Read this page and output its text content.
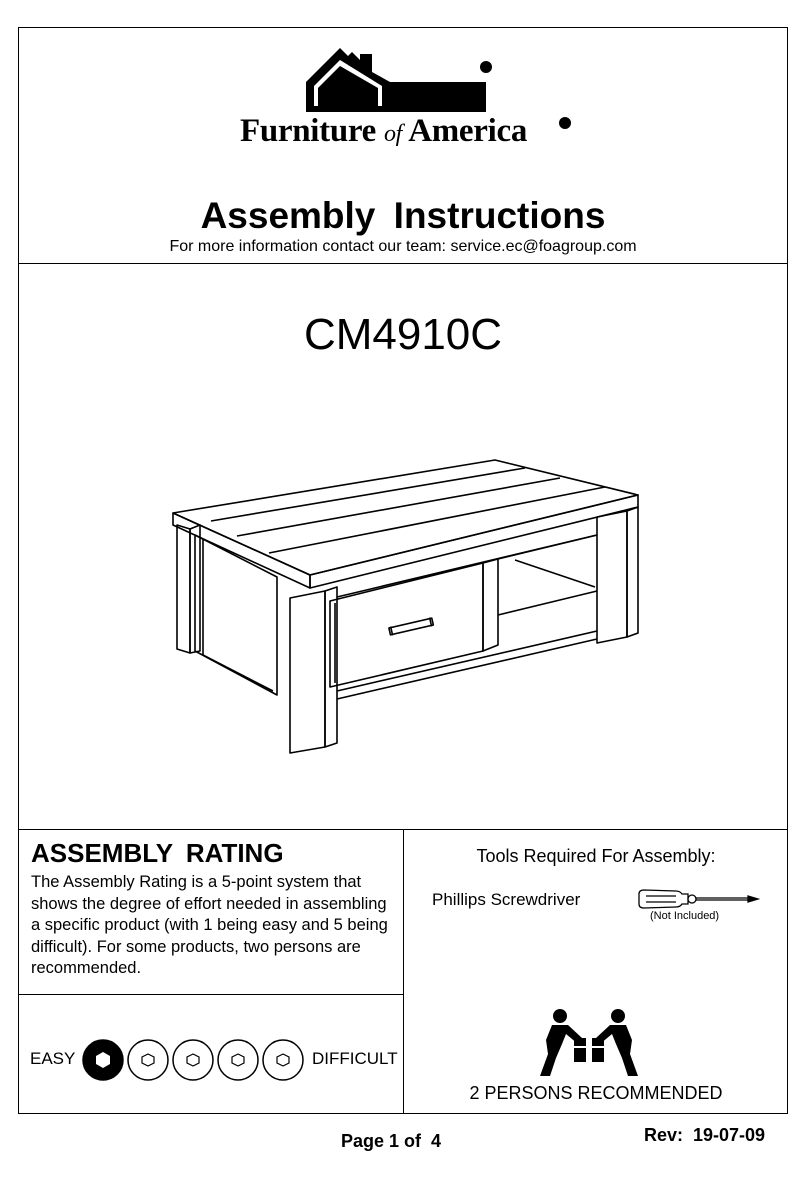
Furniture of America
Assembly Instructions
For more information contact our team: service.ec@foagroup.com
CM4910C
ASSEMBLY RATING
The Assembly Rating is a 5-point system that shows the degree of effort needed in assembling a specific product (with 1 being easy and 5 being difficult). For some products, two persons are recommended.
EASY	DIFFICULT
Tools Required For Assembly:
Phillips Screwdriver
(Not Included)
2 PERSONS RECOMMENDED
Page 1 of  4	Rev:  19-07-09
